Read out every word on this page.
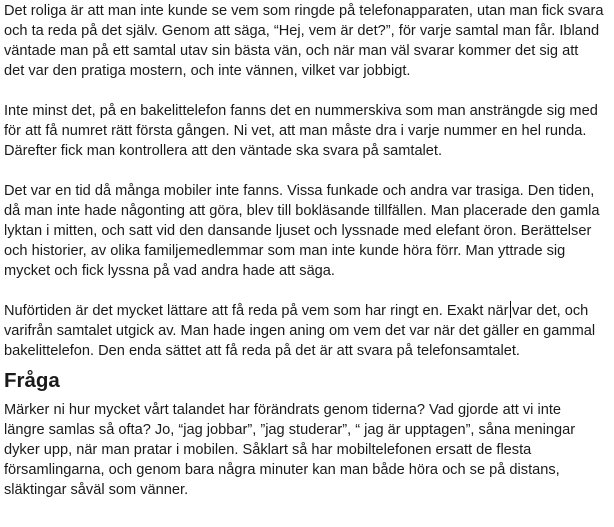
Det roliga är att man inte kunde se vem som ringde på telefonapparaten, utan man fick svara
och ta reda på det själv. Genom att säga, “Hej, vem är det?”, för varje samtal man får. Ibland
väntade man på ett samtal utav sin bästa vän, och när man väl svarar kommer det sig att
det var den pratiga mostern, och inte vännen, vilket var jobbigt.

Inte minst det, på en bakelittelefon fanns det en nummerskiva som man ansträngde sig med
för att få numret rätt första gången. Ni vet, att man måste dra i varje nummer en hel runda.
Därefter fick man kontrollera att den väntade ska svara på samtalet.

Det var en tid då många mobiler inte fanns. Vissa funkade och andra var trasiga. Den tiden,
då man inte hade någonting att göra, blev till bokläsande tillfällen. Man placerade den gamla
lyktan i mitten, och satt vid den dansande ljuset och lyssnade med elefant öron. Berättelser
och historier, av olika familjemedlemmar som man inte kunde höra förr. Man yttrade sig
mycket och fick lyssna på vad andra hade att säga.

Nuförtiden är det mycket lättare att få reda på vem som har ringt en. Exakt när var det, och
varifrån samtalet utgick av. Man hade ingen aning om vem det var när det gäller en gammal
bakelittelefon. Den enda sättet att få reda på det är att svara på telefonsamtalet.

Fråga

Märker ni hur mycket vårt talandet har förändrats genom tiderna? Vad gjorde att vi inte
längre samlas så ofta? Jo, “jag jobbar”, ”jag studerar”, “ jag är upptagen”, såna meningar
dyker upp, när man pratar i mobilen. Såklart så har mobiltelefonen ersatt de flesta
församlingarna, och genom bara några minuter kan man både höra och se på distans,
släktingar såväl som vänner.
